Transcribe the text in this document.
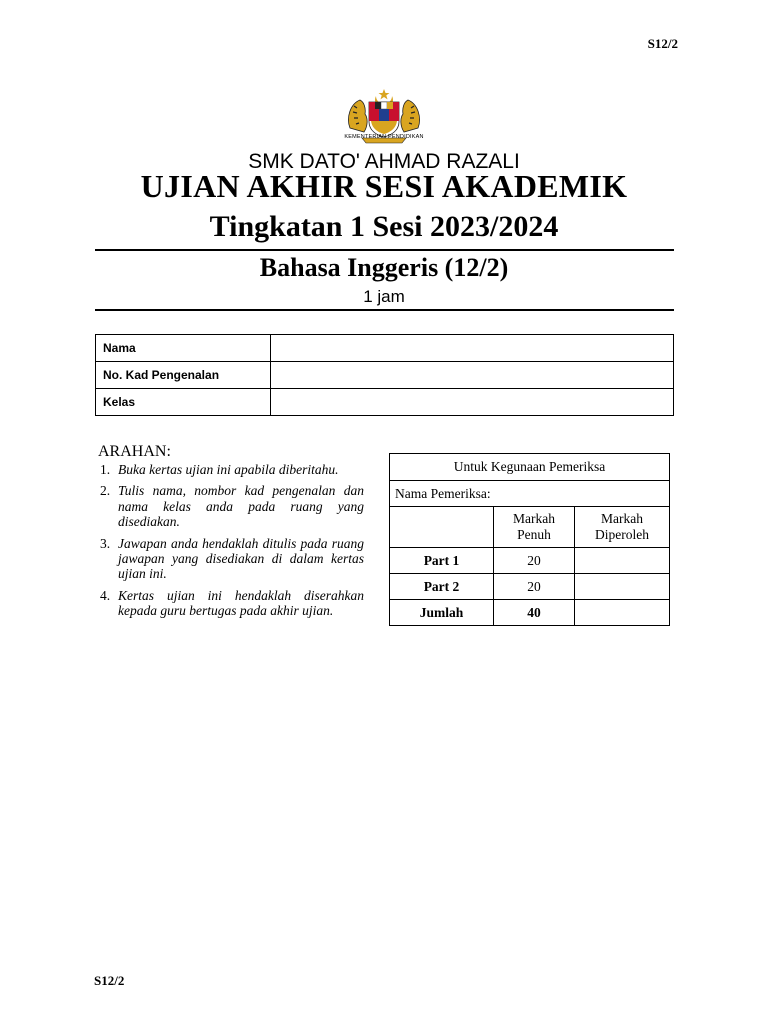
S12/2
KEMENTERIAN PENDIDIKAN
SMK DATO' AHMAD RAZALI
UJIAN AKHIR SESI AKADEMIK
Tingkatan 1 Sesi 2023/2024
Bahasa Inggeris (12/2)
1 jam
Nama	
No. Kad Pengenalan	
Kelas	
ARAHAN:
1. Buka kertas ujian ini apabila diberitahu.
2. Tulis nama, nombor kad pengenalan dan nama kelas anda pada ruang yang disediakan.
3. Jawapan anda hendaklah ditulis pada ruang jawapan yang disediakan di dalam kertas ujian ini.
4. Kertas ujian ini hendaklah diserahkan kepada guru bertugas pada akhir ujian.
Untuk Kegunaan Pemeriksa		
Nama Pemeriksa:		
	Markah Penuh	Markah Diperoleh
Part 1	20	
Part 2	20	
Jumlah	40	
S12/2
